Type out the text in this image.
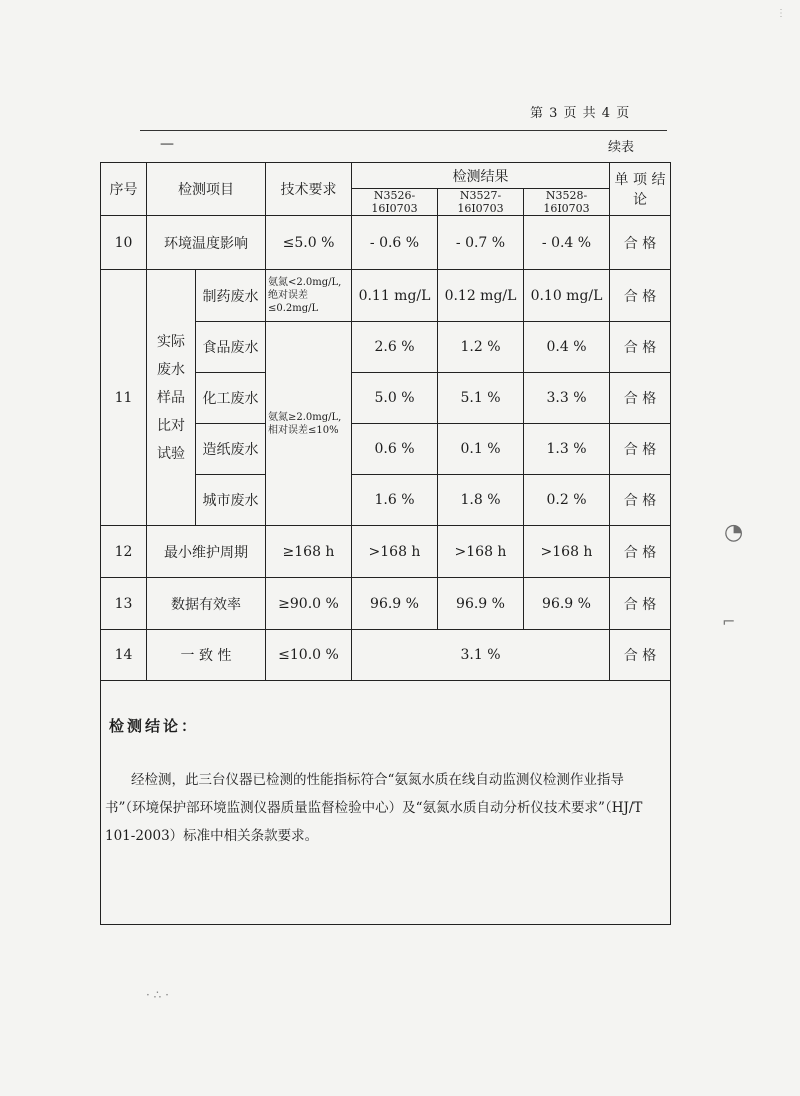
第 3 页 共 4 页
—	续表
序号	检测项目		技术要求	检测结果			单 项 结 论
				N3526-16I0703	N3527-16I0703	N3528-16I0703	
10	环境温度影响		≤5.0 %	- 0.6 %	- 0.7 %	- 0.4 %	合 格
11	实际废水样品比对试验	制药废水	氨氮<2.0mg/L, 绝对误差≤0.2mg/L	0.11 mg/L	0.12 mg/L	0.10 mg/L	合 格
		食品废水	氨氮≥2.0mg/L, 相对误差≤10%	2.6 %	1.2 %	0.4 %	合 格
		化工废水		5.0 %	5.1 %	3.3 %	合 格
		造纸废水		0.6 %	0.1 %	1.3 %	合 格
		城市废水		1.6 %	1.8 %	0.2 %	合 格
12	最小维护周期		≥168 h	>168 h	>168 h	>168 h	合 格
13	数据有效率		≥90.0 %	96.9 %	96.9 %	96.9 %	合 格
14	一 致 性		≤10.0 %	3.1 %			合 格

检测结论：
经检测，此三台仪器已检测的性能指标符合“氨氮水质在线自动监测仪检测作业指导书”（环境保护部环境监测仪器质量监督检验中心）及“氨氮水质自动分析仪技术要求”（HJ/T 101-2003）标准中相关条款要求。							
◔
⌐
· ∴ ·
⋮
